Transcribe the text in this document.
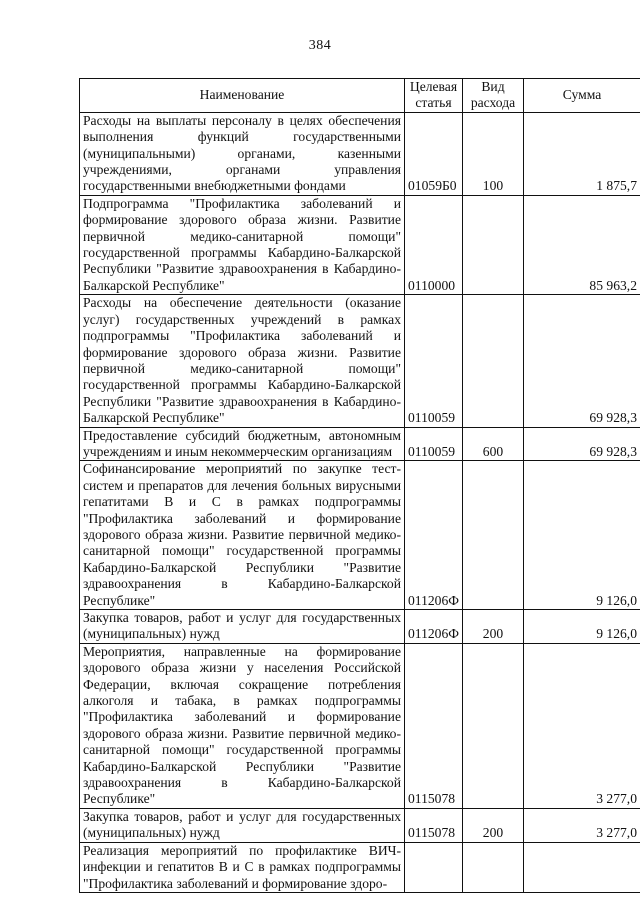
384
Наименование	Целевая статья	Вид расхода	Сумма
Расходы на выплаты персоналу в целях обеспечения выполнения функций государственными (муниципальными) органами, казенными учреждениями, органами управления государственными внебюджетными фондами	01059Б0	100	1 875,7
Подпрограмма "Профилактика заболеваний и формирование здорового образа жизни. Развитие первичной медико-санитарной помощи" государственной программы Кабардино-Балкарской Республики "Развитие здравоохранения в Кабардино-Балкарской Республике"	0110000		85 963,2
Расходы на обеспечение деятельности (оказание услуг) государственных учреждений в рамках подпрограммы "Профилактика заболеваний и формирование здорового образа жизни. Развитие первичной медико-санитарной помощи" государственной программы Кабардино-Балкарской Республики "Развитие здравоохранения в Кабардино-Балкарской Республике"	0110059		69 928,3
Предоставление субсидий бюджетным, автономным учреждениям и иным некоммерческим организациям	0110059	600	69 928,3
Софинансирование мероприятий по закупке тест-систем и препаратов для лечения больных вирусными гепатитами В и С в рамках подпрограммы "Профилактика заболеваний и формирование здорового образа жизни. Развитие первичной медико-санитарной помощи" государственной программы Кабардино-Балкарской Республики "Развитие здравоохранения в Кабардино-Балкарской Республике"	011206Ф		9 126,0
Закупка товаров, работ и услуг для государственных (муниципальных) нужд	011206Ф	200	9 126,0
Мероприятия, направленные на формирование здорового образа жизни у населения Российской Федерации, включая сокращение потребления алкоголя и табака, в рамках подпрограммы "Профилактика заболеваний и формирование здорового образа жизни. Развитие первичной медико-санитарной помощи" государственной программы Кабардино-Балкарской Республики "Развитие здравоохранения в Кабардино-Балкарской Республике"	0115078		3 277,0
Закупка товаров, работ и услуг для государственных (муниципальных) нужд	0115078	200	3 277,0
Реализация мероприятий по профилактике ВИЧ-инфекции и гепатитов В и С в рамках подпрограммы "Профилактика заболеваний и формирование здоро-			
